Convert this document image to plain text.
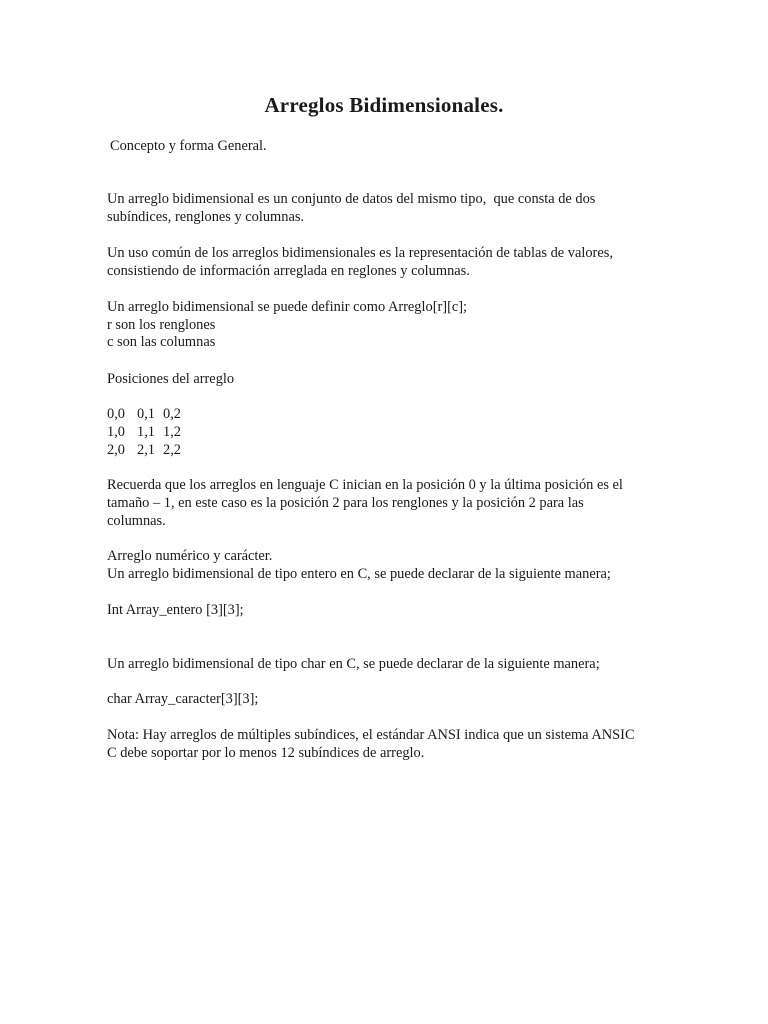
Arreglos Bidimensionales.
Concepto y forma General.
Un arreglo bidimensional es un conjunto de datos del mismo tipo,  que consta de dos
subíndices, renglones y columnas.
Un uso común de los arreglos bidimensionales es la representación de tablas de valores,
consistiendo de información arreglada en reglones y columnas.
Un arreglo bidimensional se puede definir como Arreglo[r][c];
r son los renglones
c son las columnas
Posiciones del arreglo
0,0 0,1 0,2
1,0 1,1 1,2
2,0 2,1 2,2
Recuerda que los arreglos en lenguaje C inician en la posición 0 y la última posición es el
tamaño – 1, en este caso es la posición 2 para los renglones y la posición 2 para las
columnas.
Arreglo numérico y carácter.
Un arreglo bidimensional de tipo entero en C, se puede declarar de la siguiente manera;
Int Array_entero [3][3];
Un arreglo bidimensional de tipo char en C, se puede declarar de la siguiente manera;
char Array_caracter[3][3];
Nota: Hay arreglos de múltiples subíndices, el estándar ANSI indica que un sistema ANSIC
C debe soportar por lo menos 12 subíndices de arreglo.
